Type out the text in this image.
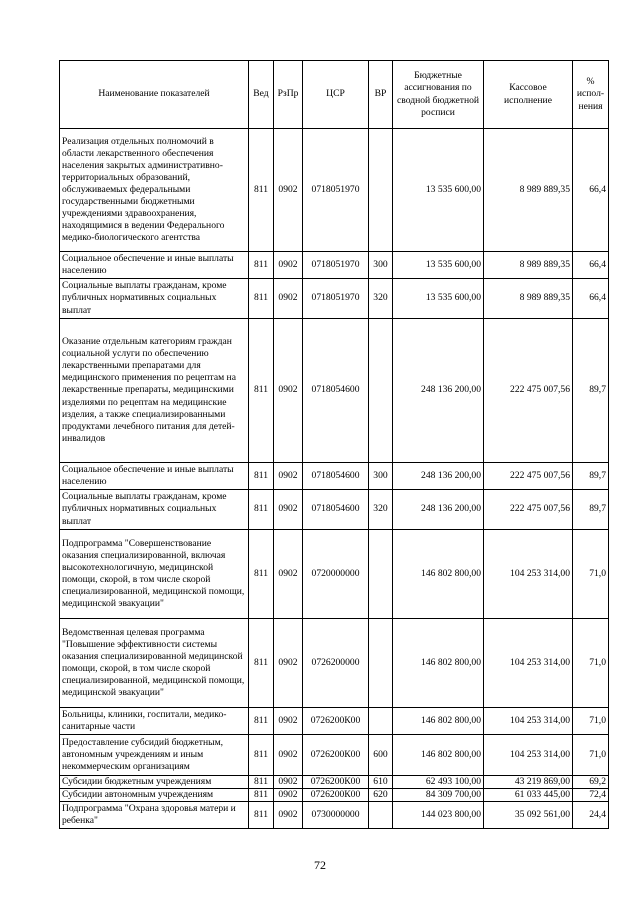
Наименование показателей	Вед	РзПр	ЦСР	ВР	Бюджетные ассигнования по сводной бюджетной росписи	Кассовое исполнение	% испол-нения
Реализация отдельных полномочий в области лекарственного обеспечения населения закрытых административно-территориальных образований, обслуживаемых федеральными государственными бюджетными учреждениями здравоохранения, находящимися в ведении Федерального медико-биологического агентства	811	0902	0718051970		13 535 600,00	8 989 889,35	66,4
Социальное обеспечение и иные выплаты населению	811	0902	0718051970	300	13 535 600,00	8 989 889,35	66,4
Социальные выплаты гражданам, кроме публичных нормативных социальных выплат	811	0902	0718051970	320	13 535 600,00	8 989 889,35	66,4
Оказание отдельным категориям граждан социальной услуги по обеспечению лекарственными препаратами для медицинского применения по рецептам на лекарственные препараты, медицинскими изделиями по рецептам на медицинские изделия, а также специализированными продуктами лечебного питания для детей-инвалидов	811	0902	0718054600		248 136 200,00	222 475 007,56	89,7
Социальное обеспечение и иные выплаты населению	811	0902	0718054600	300	248 136 200,00	222 475 007,56	89,7
Социальные выплаты гражданам, кроме публичных нормативных социальных выплат	811	0902	0718054600	320	248 136 200,00	222 475 007,56	89,7
Подпрограмма "Совершенствование оказания специализированной, включая высокотехнологичную, медицинской помощи, скорой, в том числе скорой специализированной, медицинской помощи, медицинской эвакуации"	811	0902	0720000000		146 802 800,00	104 253 314,00	71,0
Ведомственная целевая программа "Повышение эффективности системы оказания специализированной медицинской помощи, скорой, в том числе скорой специализированной, медицинской помощи, медицинской эвакуации"	811	0902	0726200000		146 802 800,00	104 253 314,00	71,0
Больницы, клиники, госпитали, медико-санитарные части	811	0902	0726200К00		146 802 800,00	104 253 314,00	71,0
Предоставление субсидий бюджетным, автономным учреждениям и иным некоммерческим организациям	811	0902	0726200К00	600	146 802 800,00	104 253 314,00	71,0
Субсидии бюджетным учреждениям	811	0902	0726200К00	610	62 493 100,00	43 219 869,00	69,2
Субсидии автономным учреждениям	811	0902	0726200К00	620	84 309 700,00	61 033 445,00	72,4
Подпрограмма "Охрана здоровья матери и ребенка"	811	0902	0730000000		144 023 800,00	35 092 561,00	24,4
72
